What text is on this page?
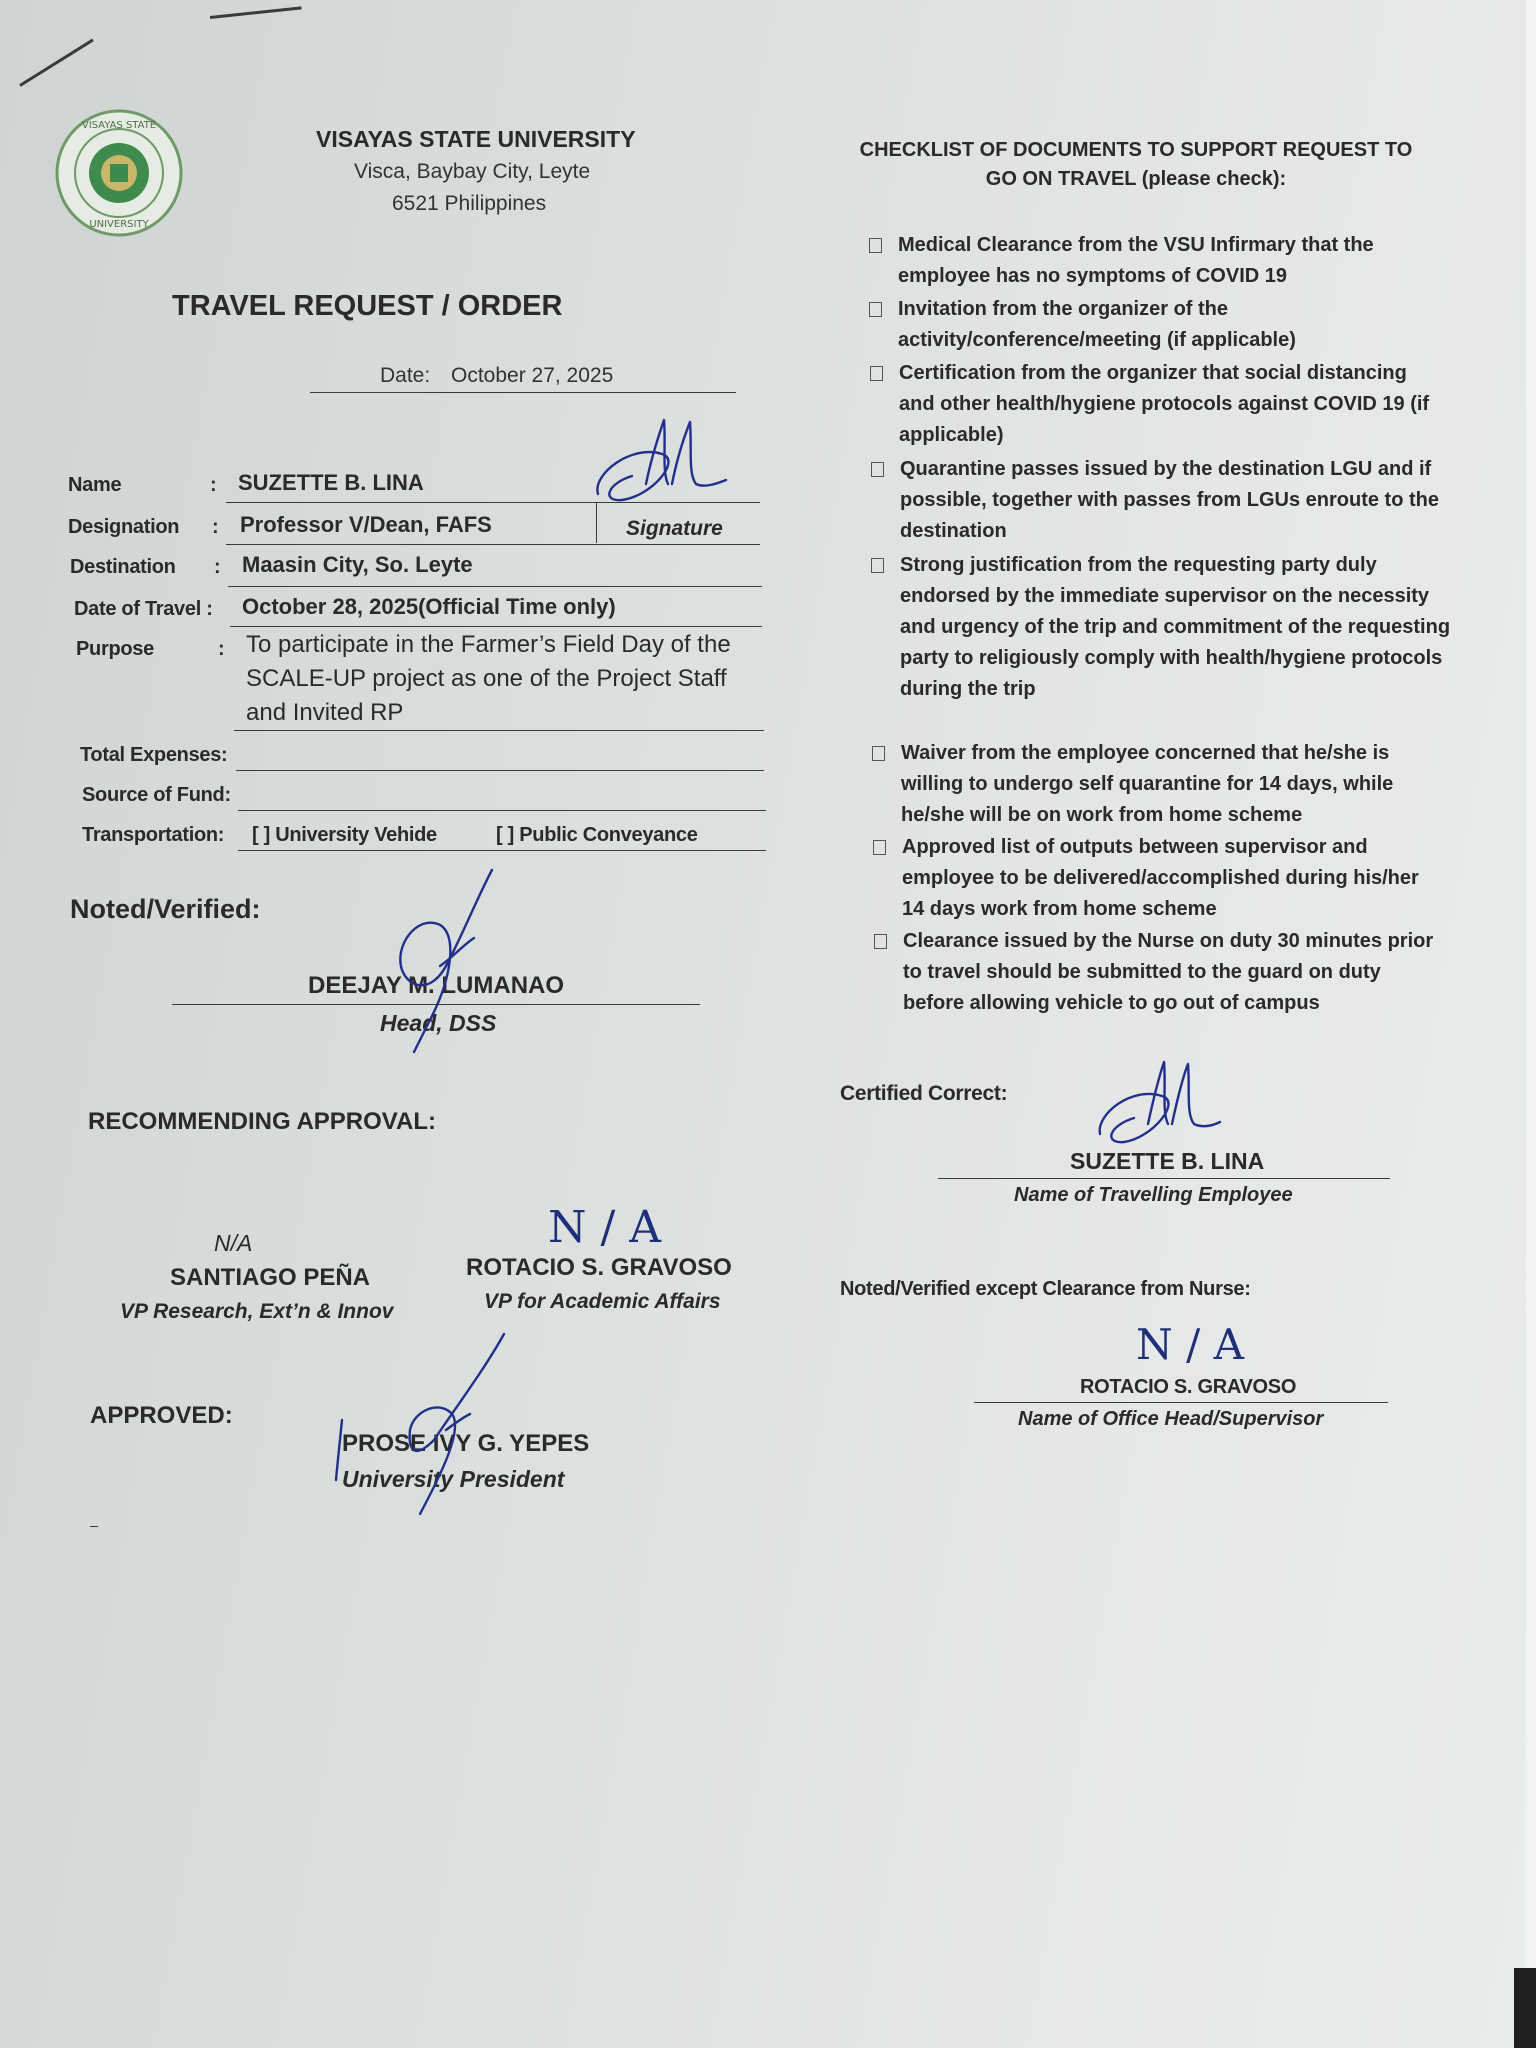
VISAYAS STATE
UNIVERSITY
VISAYAS STATE UNIVERSITY
Visca, Baybay City, Leyte
6521 Philippines
TRAVEL REQUEST / ORDER
Date: October 27, 2025
Name	: SUZETTE B. LINA
Designation : Professor V/Dean, FAFS	Signature
Destination : Maasin City, So. Leyte
Date of Travel : October 28, 2025(Official Time only)
Purpose	: To participate in the Farmer’s Field Day of the SCALE-UP project as one of the Project Staff and Invited RP
Total Expenses:
Source of Fund:
Transportation: [ ] University Vehide	[ ] Public Conveyance
Noted/Verified:
DEEJAY M. LUMANAO
Head, DSS
RECOMMENDING APPROVAL:
N/A
SANTIAGO PEÑA
VP Research, Ext’n & Innov
N / A
ROTACIO S. GRAVOSO
VP for Academic Affairs
APPROVED:
PROSE IVY G. YEPES
University President
CHECKLIST OF DOCUMENTS TO SUPPORT REQUEST TO GO ON TRAVEL (please check):
Medical Clearance from the VSU Infirmary that the employee has no symptoms of COVID 19
Invitation from the organizer of the activity/conference/meeting (if applicable)
Certification from the organizer that social distancing and other health/hygiene protocols against COVID 19 (if applicable)
Quarantine passes issued by the destination LGU and if possible, together with passes from LGUs enroute to the destination
Strong justification from the requesting party duly endorsed by the immediate supervisor on the necessity and urgency of the trip and commitment of the requesting party to religiously comply with health/hygiene protocols during the trip
Waiver from the employee concerned that he/she is willing to undergo self quarantine for 14 days, while he/she will be on work from home scheme
Approved list of outputs between supervisor and employee to be delivered/accomplished during his/her 14 days work from home scheme
Clearance issued by the Nurse on duty 30 minutes prior to travel should be submitted to the guard on duty before allowing vehicle to go out of campus
Certified Correct:
SUZETTE B. LINA
Name of Travelling Employee
Noted/Verified except Clearance from Nurse:
N / A
ROTACIO S. GRAVOSO
Name of Office Head/Supervisor
